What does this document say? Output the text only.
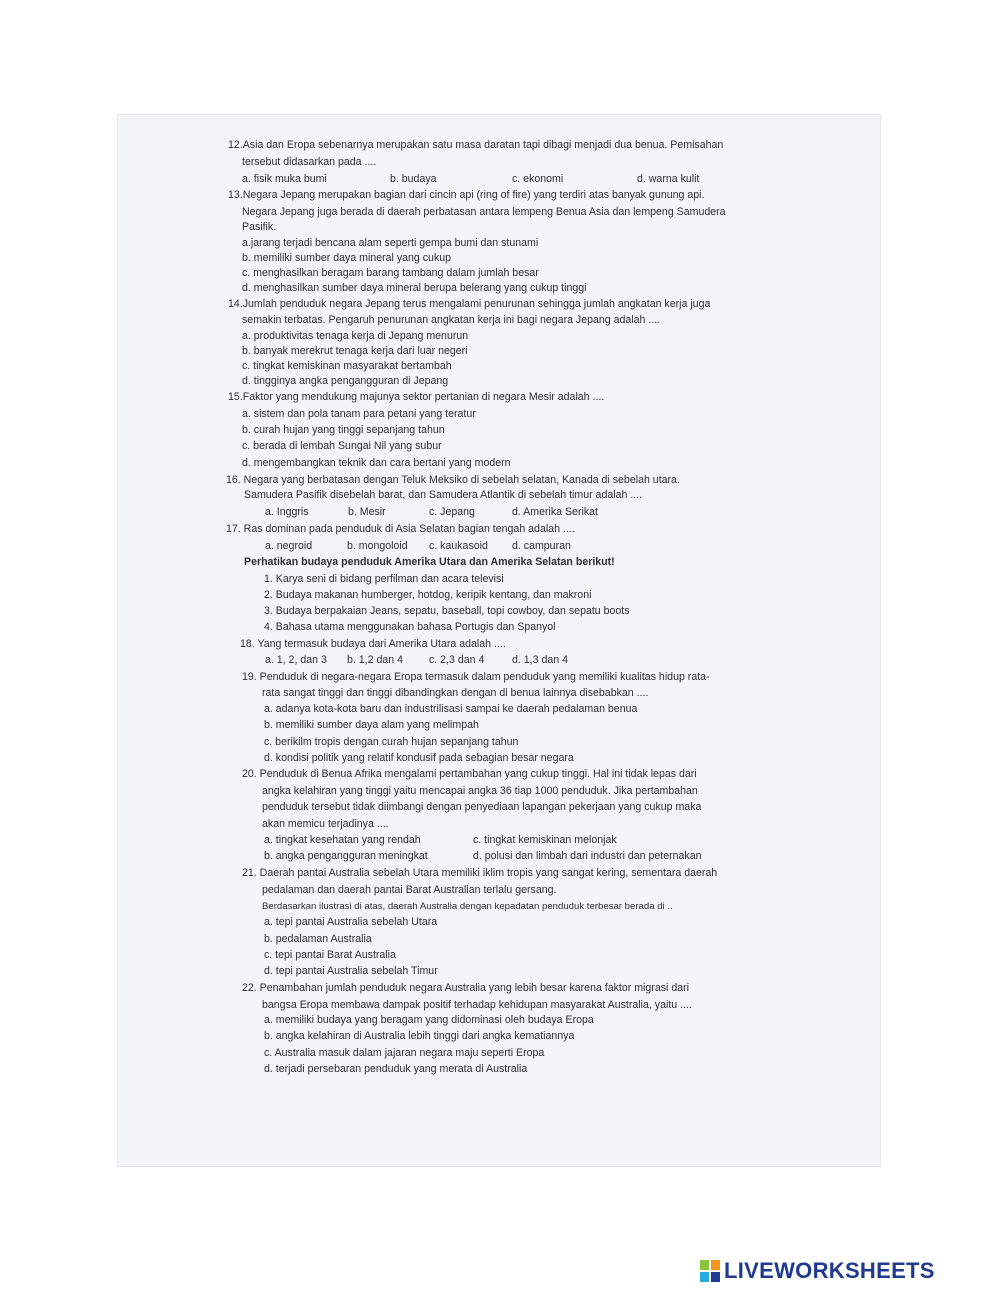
12.Asia dan Eropa sebenarnya merupakan satu masa daratan tapi dibagi menjadi dua benua. Pemisahan
tersebut didasarkan pada ....
a. fisik muka bumi	b. budaya	c. ekonomi	d. warna kulit
13.Negara Jepang merupakan bagian dari cincin api (ring of fire) yang terdiri atas banyak gunung api.
Negara Jepang juga berada di daerah perbatasan antara lempeng Benua Asia dan lempeng Samudera
Pasifik.
a.jarang terjadi bencana alam seperti gempa bumi dan stunami
b. memiliki sumber daya mineral yang cukup
c. menghasilkan beragam barang tambang dalam jumlah besar
d. menghasilkan sumber daya mineral berupa belerang yang cukup tinggi
14.Jumlah penduduk negara Jepang terus mengalami penurunan sehingga jumlah angkatan kerja juga
semakin terbatas. Pengaruh penurunan angkatan kerja ini bagi negara Jepang adalah ....
a. produktivitas tenaga kerja di Jepang menurun
b. banyak merekrut tenaga kerja dari luar negeri
c. tingkat kemiskinan masyarakat bertambah
d. tingginya angka pengangguran di Jepang
15.Faktor yang mendukung majunya sektor pertanian di negara Mesir adalah ....
a. sistem dan pola tanam para petani yang teratur
b. curah hujan yang tinggi sepanjang tahun
c. berada di lembah Sungai Nil yang subur
d. mengembangkan teknik dan cara bertani yang modern
16. Negara yang berbatasan dengan Teluk Meksiko di sebelah selatan, Kanada di sebelah utara.
Samudera Pasifik disebelah barat, dan Samudera Atlantik di sebelah timur adalah ....
a. Inggris	b. Mesir	c. Jepang	d. Amerika Serikat
17. Ras dominan pada penduduk di Asia Selatan bagian tengah adalah ....
a. negroid	b. mongoloid c. kaukasoid d. campuran
Perhatikan budaya penduduk Amerika Utara dan Amerika Selatan berikut!
1. Karya seni di bidang perfilman dan acara televisi
2. Budaya makanan humberger, hotdog, keripik kentang, dan makroni
3. Budaya berpakaian Jeans, sepatu, baseball, topi cowboy, dan sepatu boots
4. Bahasa utama menggunakan bahasa Portugis dan Spanyol
18. Yang termasuk budaya dari Amerika Utara adalah ....
a. 1, 2, dan 3 b. 1,2 dan 4 c. 2,3 dan 4	d. 1,3 dan 4
19. Penduduk di negara-negara Eropa termasuk dalam penduduk yang memiliki kualitas hidup rata-
rata sangat tinggi dan tinggi dibandingkan dengan di benua lainnya disebabkan ....
a. adanya kota-kota baru dan industrilisasi sampai ke daerah pedalaman benua
b. memiliki sumber daya alam yang melimpah
c. berikilm tropis dengan curah hujan sepanjang tahun
d. kondisi politik yang relatif kondusif pada sebagian besar negara
20. Penduduk di Benua Afrika mengalami pertambahan yang cukup tinggi. Hal ini tidak lepas dari
angka kelahiran yang tinggi yaitu mencapai angka 36 tiap 1000 penduduk. Jika pertambahan
penduduk tersebut tidak diimbangi dengan penyediaan lapangan pekerjaan yang cukup maka
akan memicu terjadinya ....
a. tingkat kesehatan yang rendah	c. tingkat kemiskinan melonjak
b. angka pengangguran meningkat	d. polusi dan limbah dari industri dan peternakan
21. Daerah pantai Australia sebelah Utara memiliki iklim tropis yang sangat kering, sementara daerah
pedalaman dan daerah pantai Barat Australian terlalu gersang.
Berdasarkan ilustrasi di atas, daerah Australia dengan kepadatan penduduk terbesar berada di ..
a. tepi pantai Australia sebelah Utara
b. pedalaman Australia
c. tepi pantai Barat Australia
d. tepi pantai Australia sebelah Timur
22. Penambahan jumlah penduduk negara Australia yang lebih besar karena faktor migrasi dari
bangsa Eropa membawa dampak positif terhadap kehidupan masyarakat Australia, yaitu ....
a. memiliki budaya yang beragam yang didominasi oleh budaya Eropa
b. angka kelahiran di Australia lebih tinggi dari angka kematiannya
c. Australia masuk dalam jajaran negara maju seperti Eropa
d. terjadi persebaran penduduk yang merata di Australia
LIVEWORKSHEETS
